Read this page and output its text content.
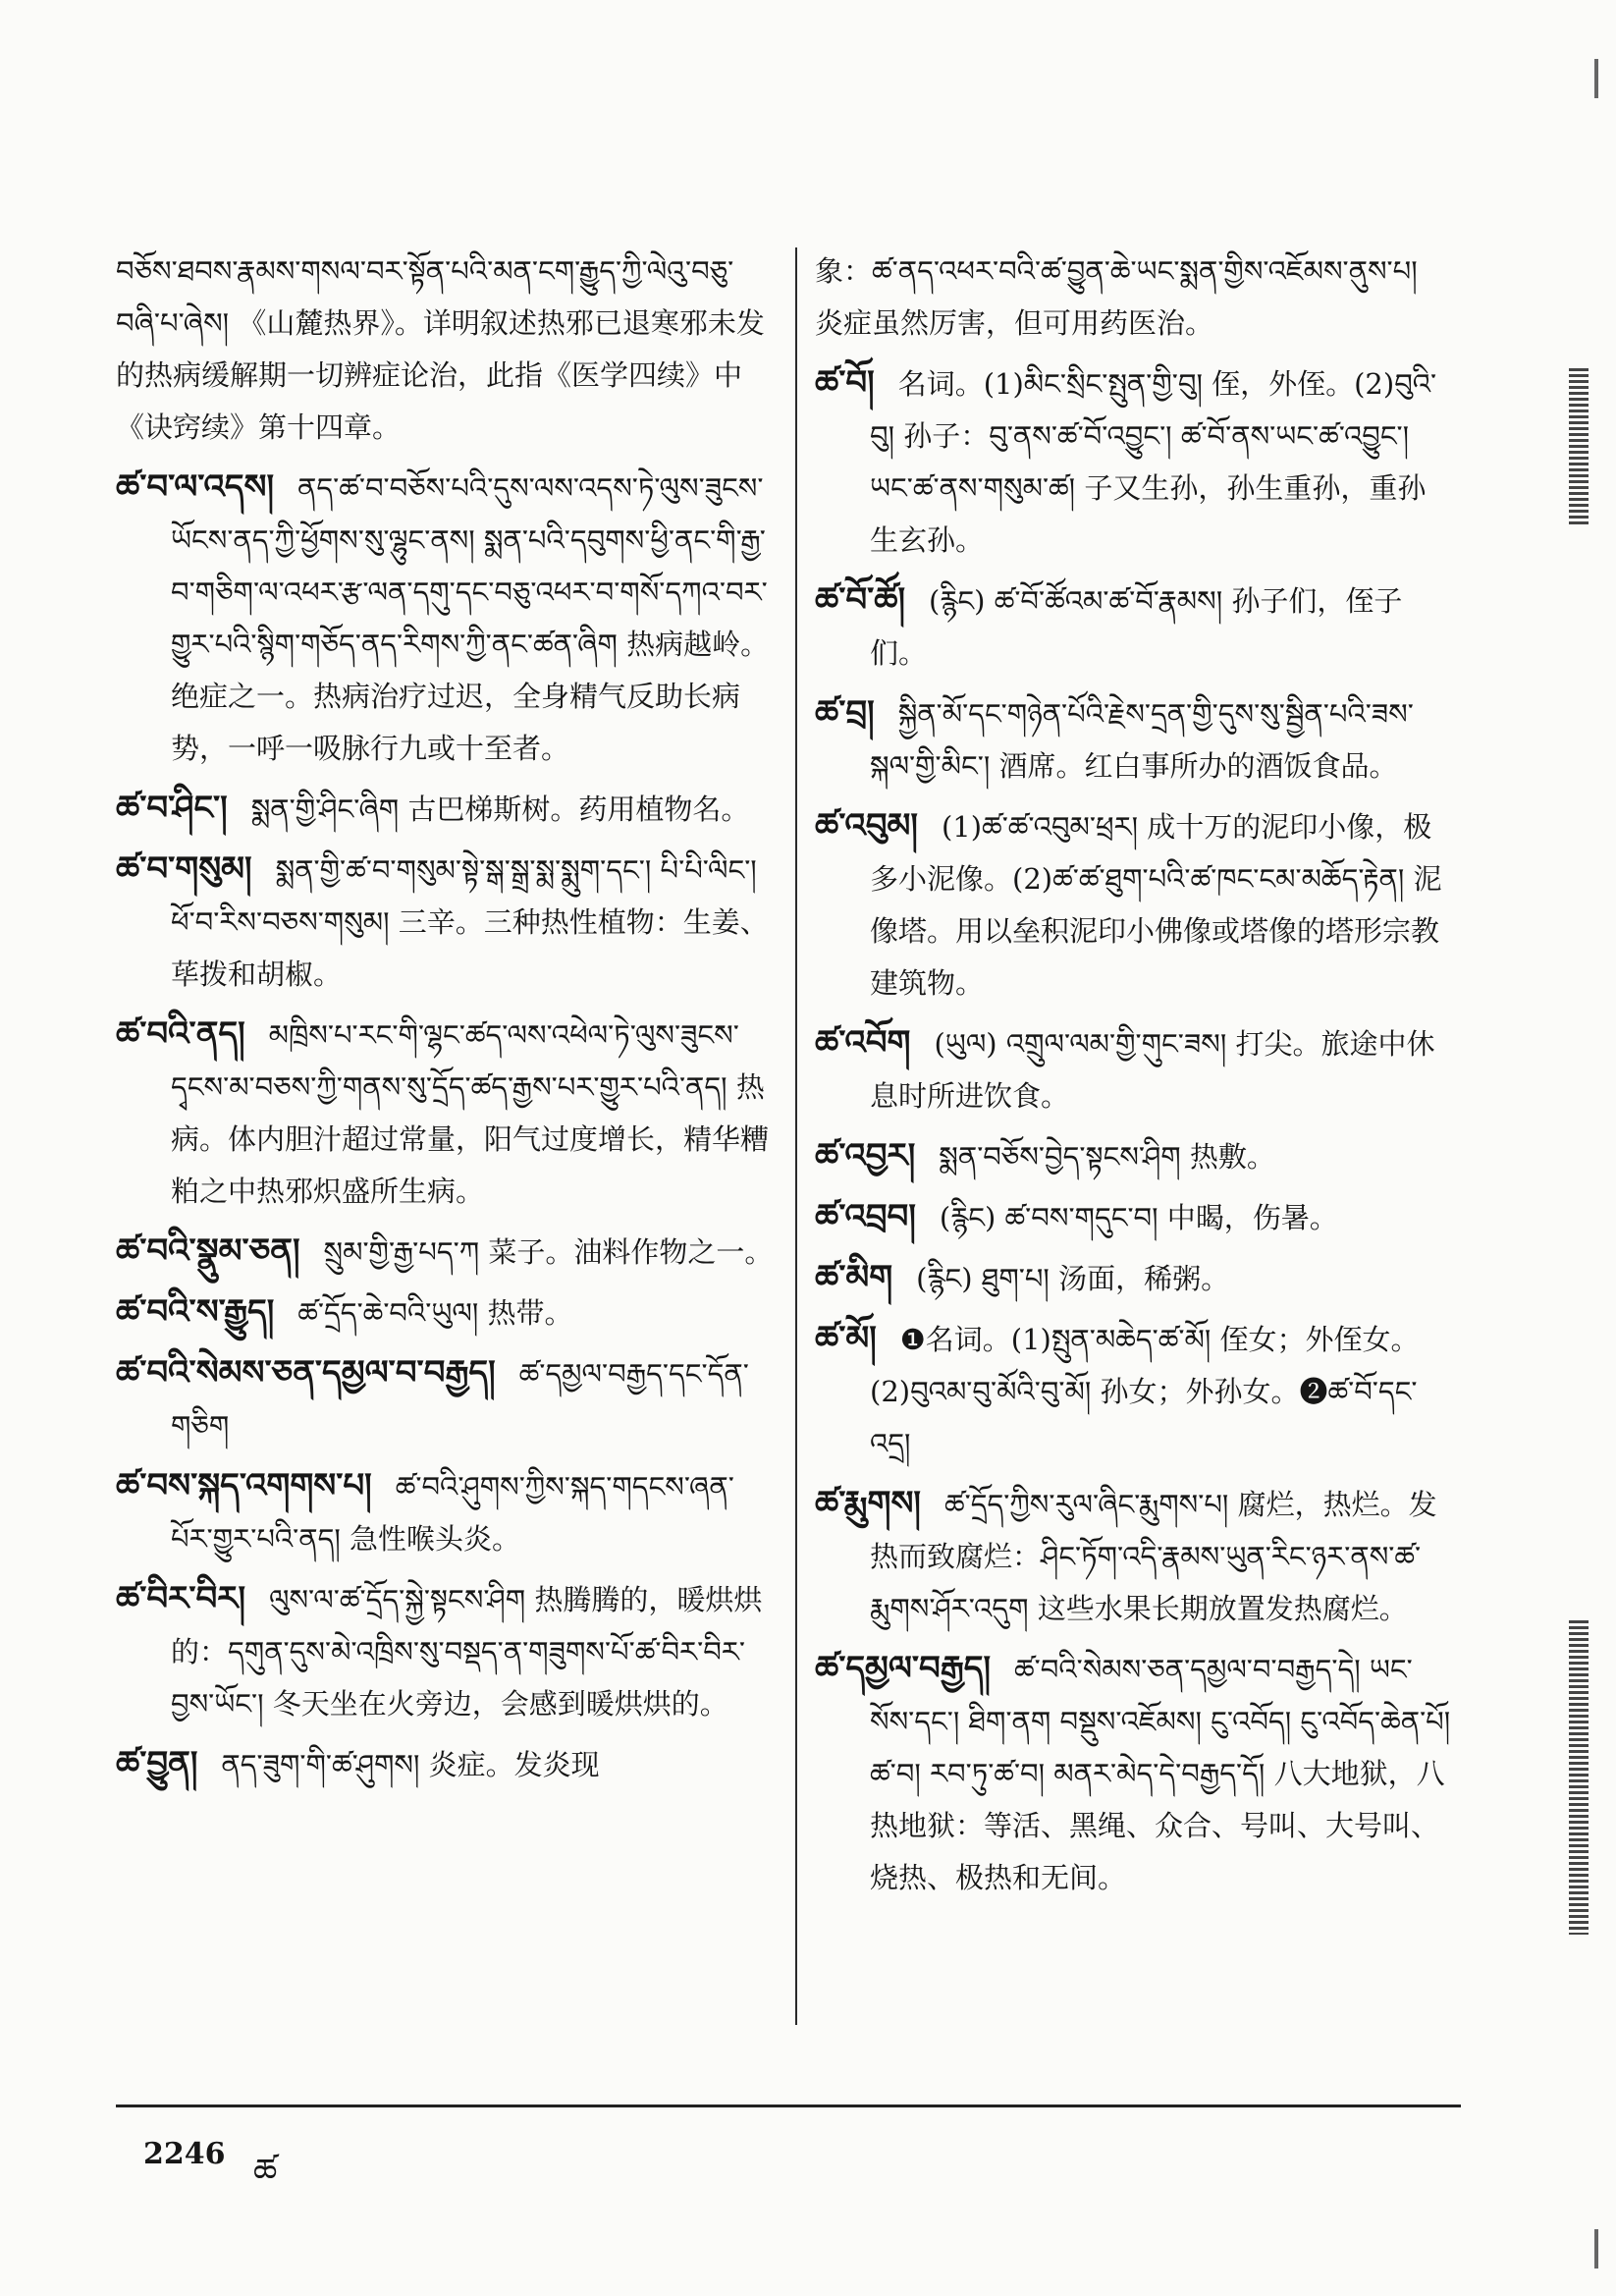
བཅོས་ཐབས་རྣམས་གསལ་བར་སྟོན་པའི་མན་ངག་རྒྱུད་ཀྱི་ལེའུ་བཅུ་བཞི་པ་ཞེས། 《山麓热界》。详明叙述热邪已退寒邪未发的热病缓解期一切辨症论治，此指《医学四续》中《诀窍续》第十四章。

ཚ་བ་ལ་འདས། ནད་ཚ་བ་བཅོས་པའི་དུས་ལས་འདས་ཏེ་ལུས་ཟུངས་ཡོངས་ནད་ཀྱི་ཕྱོགས་སུ་ལྷུང་ནས། སྨན་པའི་དབུགས་ཕྱི་ནང་གི་རྒྱ་བ་གཅིག་ལ་འཕར་རྩ་ལན་དགུ་དང་བཅུ་འཕར་བ་གསོ་དཀའ་བར་གྱུར་པའི་སྙིག་གཅོད་ནད་རིགས་ཀྱི་ནང་ཚན་ཞིག 热病越岭。绝症之一。热病治疗过迟，全身精气反助长病势，一呼一吸脉行九或十至者。

ཚ་བ་ཤིང་། སྨན་གྱི་ཤིང་ཞིག 古巴梯斯树。药用植物名。

ཚ་བ་གསུམ། སྨན་གྱི་ཚ་བ་གསུམ་སྟེ་སྒ་སྒྲ་སྨ་སྨུག་དང་། པི་པི་ལིང་། ཕོ་བ་རིས་བཅས་གསུམ། 三辛。三种热性植物：生姜、荜拨和胡椒。

ཚ་བའི་ནད། མཁྲིས་པ་རང་གི་ལྷང་ཚད་ལས་འཕེལ་ཏེ་ལུས་ཟུངས་དྭངས་མ་བཅས་ཀྱི་གནས་སུ་དྲོད་ཚད་རྒྱས་པར་གྱུར་པའི་ནད། 热病。体内胆汁超过常量，阳气过度增长，精华糟粕之中热邪炽盛所生病。

ཚ་བའི་སྣུམ་ཅན། སྲུམ་གྱི་རྒྱ་པད་ཀ 菜子。油料作物之一。

ཚ་བའི་ས་རྒྱུད། ཚ་དྲོད་ཆེ་བའི་ཡུལ། 热带。

ཚ་བའི་སེམས་ཅན་དམྱལ་བ་བརྒྱད། ཚ་དམྱལ་བརྒྱད་དང་དོན་གཅིག

ཚ་བས་སྐད་འགགས་པ། ཚ་བའི་ཤུགས་ཀྱིས་སྐད་གདངས་ཞན་པོར་གྱུར་པའི་ནད། 急性喉头炎。

ཚ་བིར་བིར། ལུས་ལ་ཚ་དྲོད་སྐྱེ་སྟངས་ཤིག 热腾腾的，暖烘烘的：དགུན་དུས་མེ་འཁྲིས་སུ་བསྡད་ན་གཟུགས་པོ་ཚ་བིར་བིར་བྱས་ཡོང་། 冬天坐在火旁边，会感到暖烘烘的。

ཚ་བྱུན། ནད་ཟུག་གི་ཚ་ཤུགས། 炎症。发炎现

象：ཚ་ནད་འཕར་བའི་ཚ་བྱུན་ཆེ་ཡང་སྨན་གྱིས་འཇོམས་ནུས་པ། 炎症虽然厉害，但可用药医治。

ཚ་བོ། 名词。(1)མིང་སྲིང་སྤུན་གྱི་བུ། 侄，外侄。(2)བུའི་བུ། 孙子：བུ་ནས་ཚ་བོ་འབྱུང་། ཚ་བོ་ནས་ཡང་ཚ་འབྱུང་། ཡང་ཚ་ནས་གསུམ་ཚ། 子又生孙，孙生重孙，重孙生玄孙。

ཚ་བོ་ཚོ། (རྙིང) ཚ་བོ་ཚོའམ་ཚ་བོ་རྣམས། 孙子们，侄子们。

ཚ་བྲ། སྐྱིན་མོ་དང་གཉེན་པོའི་རྗེས་དྲན་གྱི་དུས་སུ་སྦྱིན་པའི་ཟས་སྐལ་གྱི་མིང་། 酒席。红白事所办的酒饭食品。

ཚ་འབུམ། (1)ཚ་ཚ་འབུམ་ཕྲར། 成十万的泥印小像，极多小泥像。(2)ཚ་ཚ་ཐུག་པའི་ཚ་ཁང་ངམ་མཆོད་རྟེན། 泥像塔。用以垒积泥印小佛像或塔像的塔形宗教建筑物。

ཚ་འབོག (ཡུལ) འགྲུལ་ལམ་གྱི་གུང་ཟས། 打尖。旅途中休息时所进饮食。

ཚ་འབྱར། སྨན་བཅོས་བྱེད་སྟངས་ཤིག 热敷。

ཚ་འབྲབ། (རྙིང) ཚ་བས་གདུང་བ། 中暍，伤暑。

ཚ་མིག (རྙིང) ཐུག་པ། 汤面，稀粥。

ཚ་མོ། ❶名词。(1)སྤུན་མཆེད་ཚ་མོ། 侄女；外侄女。(2)བུའམ་བུ་མོའི་བུ་མོ། 孙女；外孙女。❷ཚ་བོ་དང་འདྲ།

ཚ་རྨུགས། ཚ་དྲོད་ཀྱིས་རུལ་ཞིང་རྨུགས་པ། 腐烂，热烂。发热而致腐烂：ཤིང་ཏོག་འདི་རྣམས་ཡུན་རིང་ཉར་ནས་ཚ་རྨུགས་ཤོར་འདུག 这些水果长期放置发热腐烂。

ཚ་དམྱལ་བརྒྱད། ཚ་བའི་སེམས་ཅན་དམྱལ་བ་བརྒྱད་དེ། ཡང་སོས་དང་། ཐིག་ནག བསྡུས་འཇོམས། ངུ་འབོད། ངུ་འབོད་ཆེན་པོ། ཚ་བ། རབ་ཏུ་ཚ་བ། མནར་མེད་དེ་བརྒྱད་དོ། 八大地狱，八热地狱：等活、黑绳、众合、号叫、大号叫、烧热、极热和无间。

2246 ཚ
